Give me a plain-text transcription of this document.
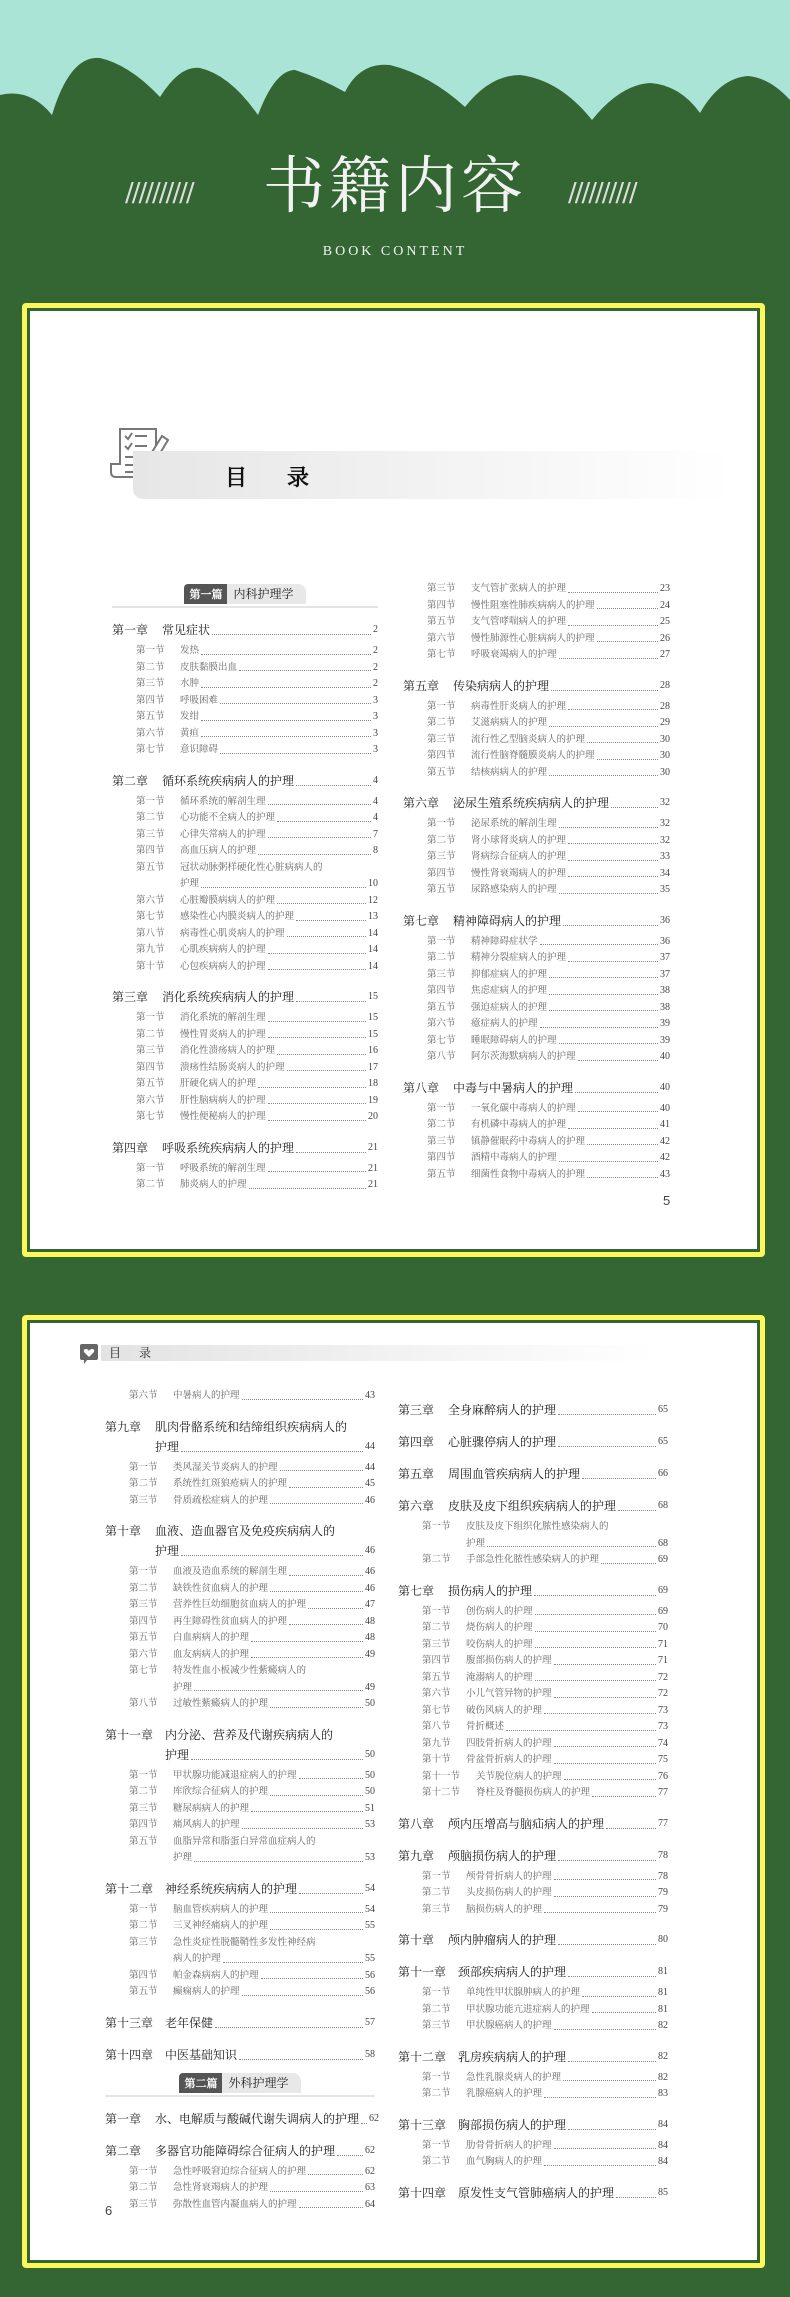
书籍内容
BOOK CONTENT
//////////	//////////
目录
第一篇 内科护理学
第一章	常见症状	2
第一节	发热	2
第二节	皮肤黏膜出血	2
第三节	水肿	2
第四节	呼吸困难	3
第五节	发绀	3
第六节	黄疸	3
第七节	意识障碍	3
第二章	循环系统疾病病人的护理	4
第一节	循环系统的解剖生理	4
第二节	心功能不全病人的护理	4
第三节	心律失常病人的护理	7
第四节	高血压病人的护理	8
第五节	冠状动脉粥样硬化性心脏病病人的
护理	10
第六节	心脏瓣膜病病人的护理	12
第七节	感染性心内膜炎病人的护理	13
第八节	病毒性心肌炎病人的护理	14
第九节	心肌疾病病人的护理	14
第十节	心包疾病病人的护理	14
第三章	消化系统疾病病人的护理	15
第一节	消化系统的解剖生理	15
第二节	慢性胃炎病人的护理	15
第三节	消化性溃疡病人的护理	16
第四节	溃疡性结肠炎病人的护理	17
第五节	肝硬化病人的护理	18
第六节	肝性脑病病人的护理	19
第七节	慢性便秘病人的护理	20
第四章	呼吸系统疾病病人的护理	21
第一节	呼吸系统的解剖生理	21
第二节	肺炎病人的护理	21
第三节	支气管扩张病人的护理	23
第四节	慢性阻塞性肺疾病病人的护理	24
第五节	支气管哮喘病人的护理	25
第六节	慢性肺源性心脏病病人的护理	26
第七节	呼吸衰竭病人的护理	27
第五章	传染病病人的护理	28
第一节	病毒性肝炎病人的护理	28
第二节	艾滋病病人的护理	29
第三节	流行性乙型脑炎病人的护理	30
第四节	流行性脑脊髓膜炎病人的护理	30
第五节	结核病病人的护理	30
第六章	泌尿生殖系统疾病病人的护理	32
第一节	泌尿系统的解剖生理	32
第二节	肾小球肾炎病人的护理	32
第三节	肾病综合征病人的护理	33
第四节	慢性肾衰竭病人的护理	34
第五节	尿路感染病人的护理	35
第七章	精神障碍病人的护理	36
第一节	精神障碍症状学	36
第二节	精神分裂症病人的护理	37
第三节	抑郁症病人的护理	37
第四节	焦虑症病人的护理	38
第五节	强迫症病人的护理	38
第六节	癔症病人的护理	39
第七节	睡眠障碍病人的护理	39
第八节	阿尔茨海默病病人的护理	40
第八章	中毒与中暑病人的护理	40
第一节	一氧化碳中毒病人的护理	40
第二节	有机磷中毒病人的护理	41
第三节	镇静催眠药中毒病人的护理	42
第四节	酒精中毒病人的护理	42
第五节	细菌性食物中毒病人的护理	43
5
目录
第六节	中暑病人的护理	43
第九章	肌肉骨骼系统和结缔组织疾病病人的
护理	44
第一节	类风湿关节炎病人的护理	44
第二节	系统性红斑狼疮病人的护理	45
第三节	骨质疏松症病人的护理	46
第十章	血液、造血器官及免疫疾病病人的
护理	46
第一节	血液及造血系统的解剖生理	46
第二节	缺铁性贫血病人的护理	46
第三节	营养性巨幼细胞贫血病人的护理	47
第四节	再生障碍性贫血病人的护理	48
第五节	白血病病人的护理	48
第六节	血友病病人的护理	49
第七节	特发性血小板减少性紫癜病人的
护理	49
第八节	过敏性紫癜病人的护理	50
第十一章 内分泌、营养及代谢疾病病人的
护理	50
第一节	甲状腺功能减退症病人的护理	50
第二节	库欣综合征病人的护理	50
第三节	糖尿病病人的护理	51
第四节	痛风病人的护理	53
第五节	血脂异常和脂蛋白异常血症病人的
护理	53
第十二章 神经系统疾病病人的护理	54
第一节	脑血管疾病病人的护理	54
第二节	三叉神经痛病人的护理	55
第三节	急性炎症性脱髓鞘性多发性神经病
病人的护理	55
第四节	帕金森病病人的护理	56
第五节	癫痫病人的护理	56
第十三章 老年保健	57
第十四章 中医基础知识	58
第二篇 外科护理学
第一章	水、电解质与酸碱代谢失调病人的护理 62
第二章	多器官功能障碍综合征病人的护理	62
第一节	急性呼吸窘迫综合征病人的护理	62
第二节	急性肾衰竭病人的护理	63
第三节	弥散性血管内凝血病人的护理	64
第三章	全身麻醉病人的护理	65
第四章	心脏骤停病人的护理	65
第五章	周围血管疾病病人的护理	66
第六章	皮肤及皮下组织疾病病人的护理	68
第一节	皮肤及皮下组织化脓性感染病人的
护理	68
第二节	手部急性化脓性感染病人的护理	69
第七章	损伤病人的护理	69
第一节	创伤病人的护理	69
第二节	烧伤病人的护理	70
第三节	咬伤病人的护理	71
第四节	腹部损伤病人的护理	71
第五节	淹溺病人的护理	72
第六节	小儿气管异物的护理	72
第七节	破伤风病人的护理	73
第八节	骨折概述	73
第九节	四肢骨折病人的护理	74
第十节	骨盆骨折病人的护理	75
第十一节	关节脱位病人的护理	76
第十二节	脊柱及脊髓损伤病人的护理	77
第八章	颅内压增高与脑疝病人的护理	77
第九章	颅脑损伤病人的护理	78
第一节	颅骨骨折病人的护理	78
第二节	头皮损伤病人的护理	79
第三节	脑损伤病人的护理	79
第十章	颅内肿瘤病人的护理	80
第十一章 颈部疾病病人的护理	81
第一节	单纯性甲状腺肿病人的护理	81
第二节	甲状腺功能亢进症病人的护理	81
第三节	甲状腺癌病人的护理	82
第十二章 乳房疾病病人的护理	82
第一节	急性乳腺炎病人的护理	82
第二节	乳腺癌病人的护理	83
第十三章 胸部损伤病人的护理	84
第一节	肋骨骨折病人的护理	84
第二节	血气胸病人的护理	84
第十四章 原发性支气管肺癌病人的护理	85
6
